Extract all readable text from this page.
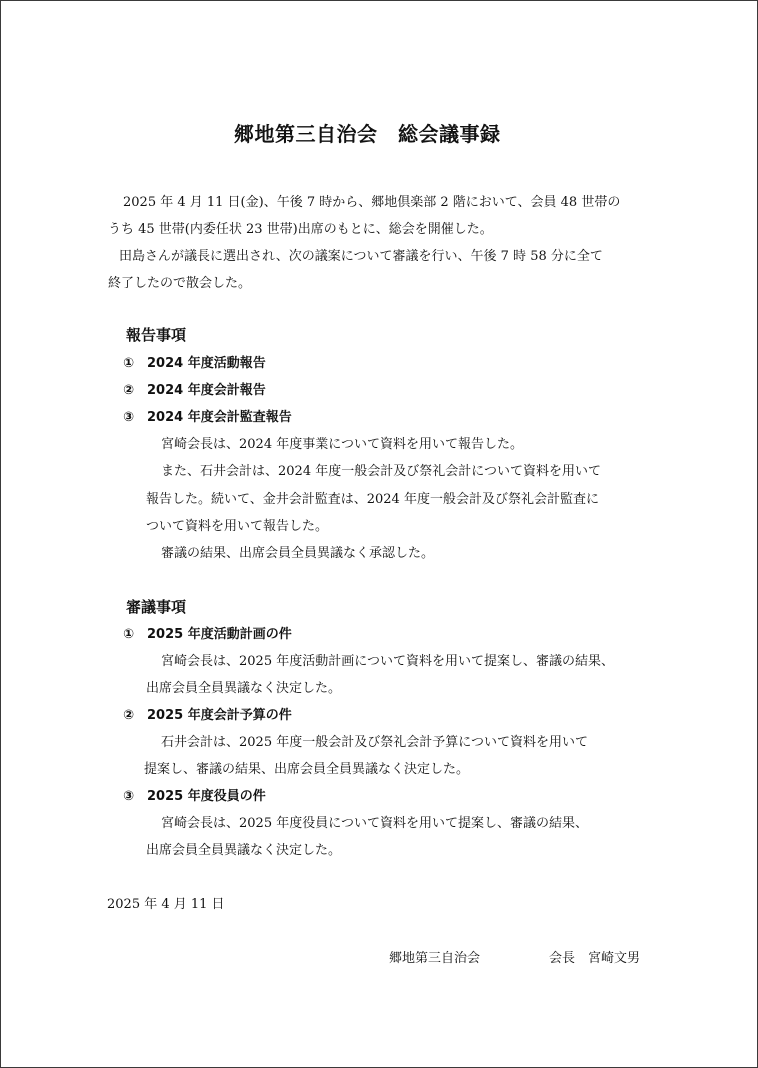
郷地第三自治会　総会議事録
2025 年 4 月 11 日(金)、午後 7 時から、郷地倶楽部 2 階において、会員 48 世帯の
うち 45 世帯(内委任状 23 世帯)出席のもとに、総会を開催した。
田島さんが議長に選出され、次の議案について審議を行い、午後 7 時 58 分に全て
終了したので散会した。
報告事項
①　2024 年度活動報告
②　2024 年度会計報告
③　2024 年度会計監査報告
宮崎会長は、2024 年度事業について資料を用いて報告した。
また、石井会計は、2024 年度一般会計及び祭礼会計について資料を用いて
報告した。続いて、金井会計監査は、2024 年度一般会計及び祭礼会計監査に
ついて資料を用いて報告した。
審議の結果、出席会員全員異議なく承認した。
審議事項
①　2025 年度活動計画の件
宮崎会長は、2025 年度活動計画について資料を用いて提案し、審議の結果、
出席会員全員異議なく決定した。
②　2025 年度会計予算の件
石井会計は、2025 年度一般会計及び祭礼会計予算について資料を用いて
提案し、審議の結果、出席会員全員異議なく決定した。
③　2025 年度役員の件
宮崎会長は、2025 年度役員について資料を用いて提案し、審議の結果、
出席会員全員異議なく決定した。
2025 年 4 月 11 日
郷地第三自治会	会長 宮崎文男
